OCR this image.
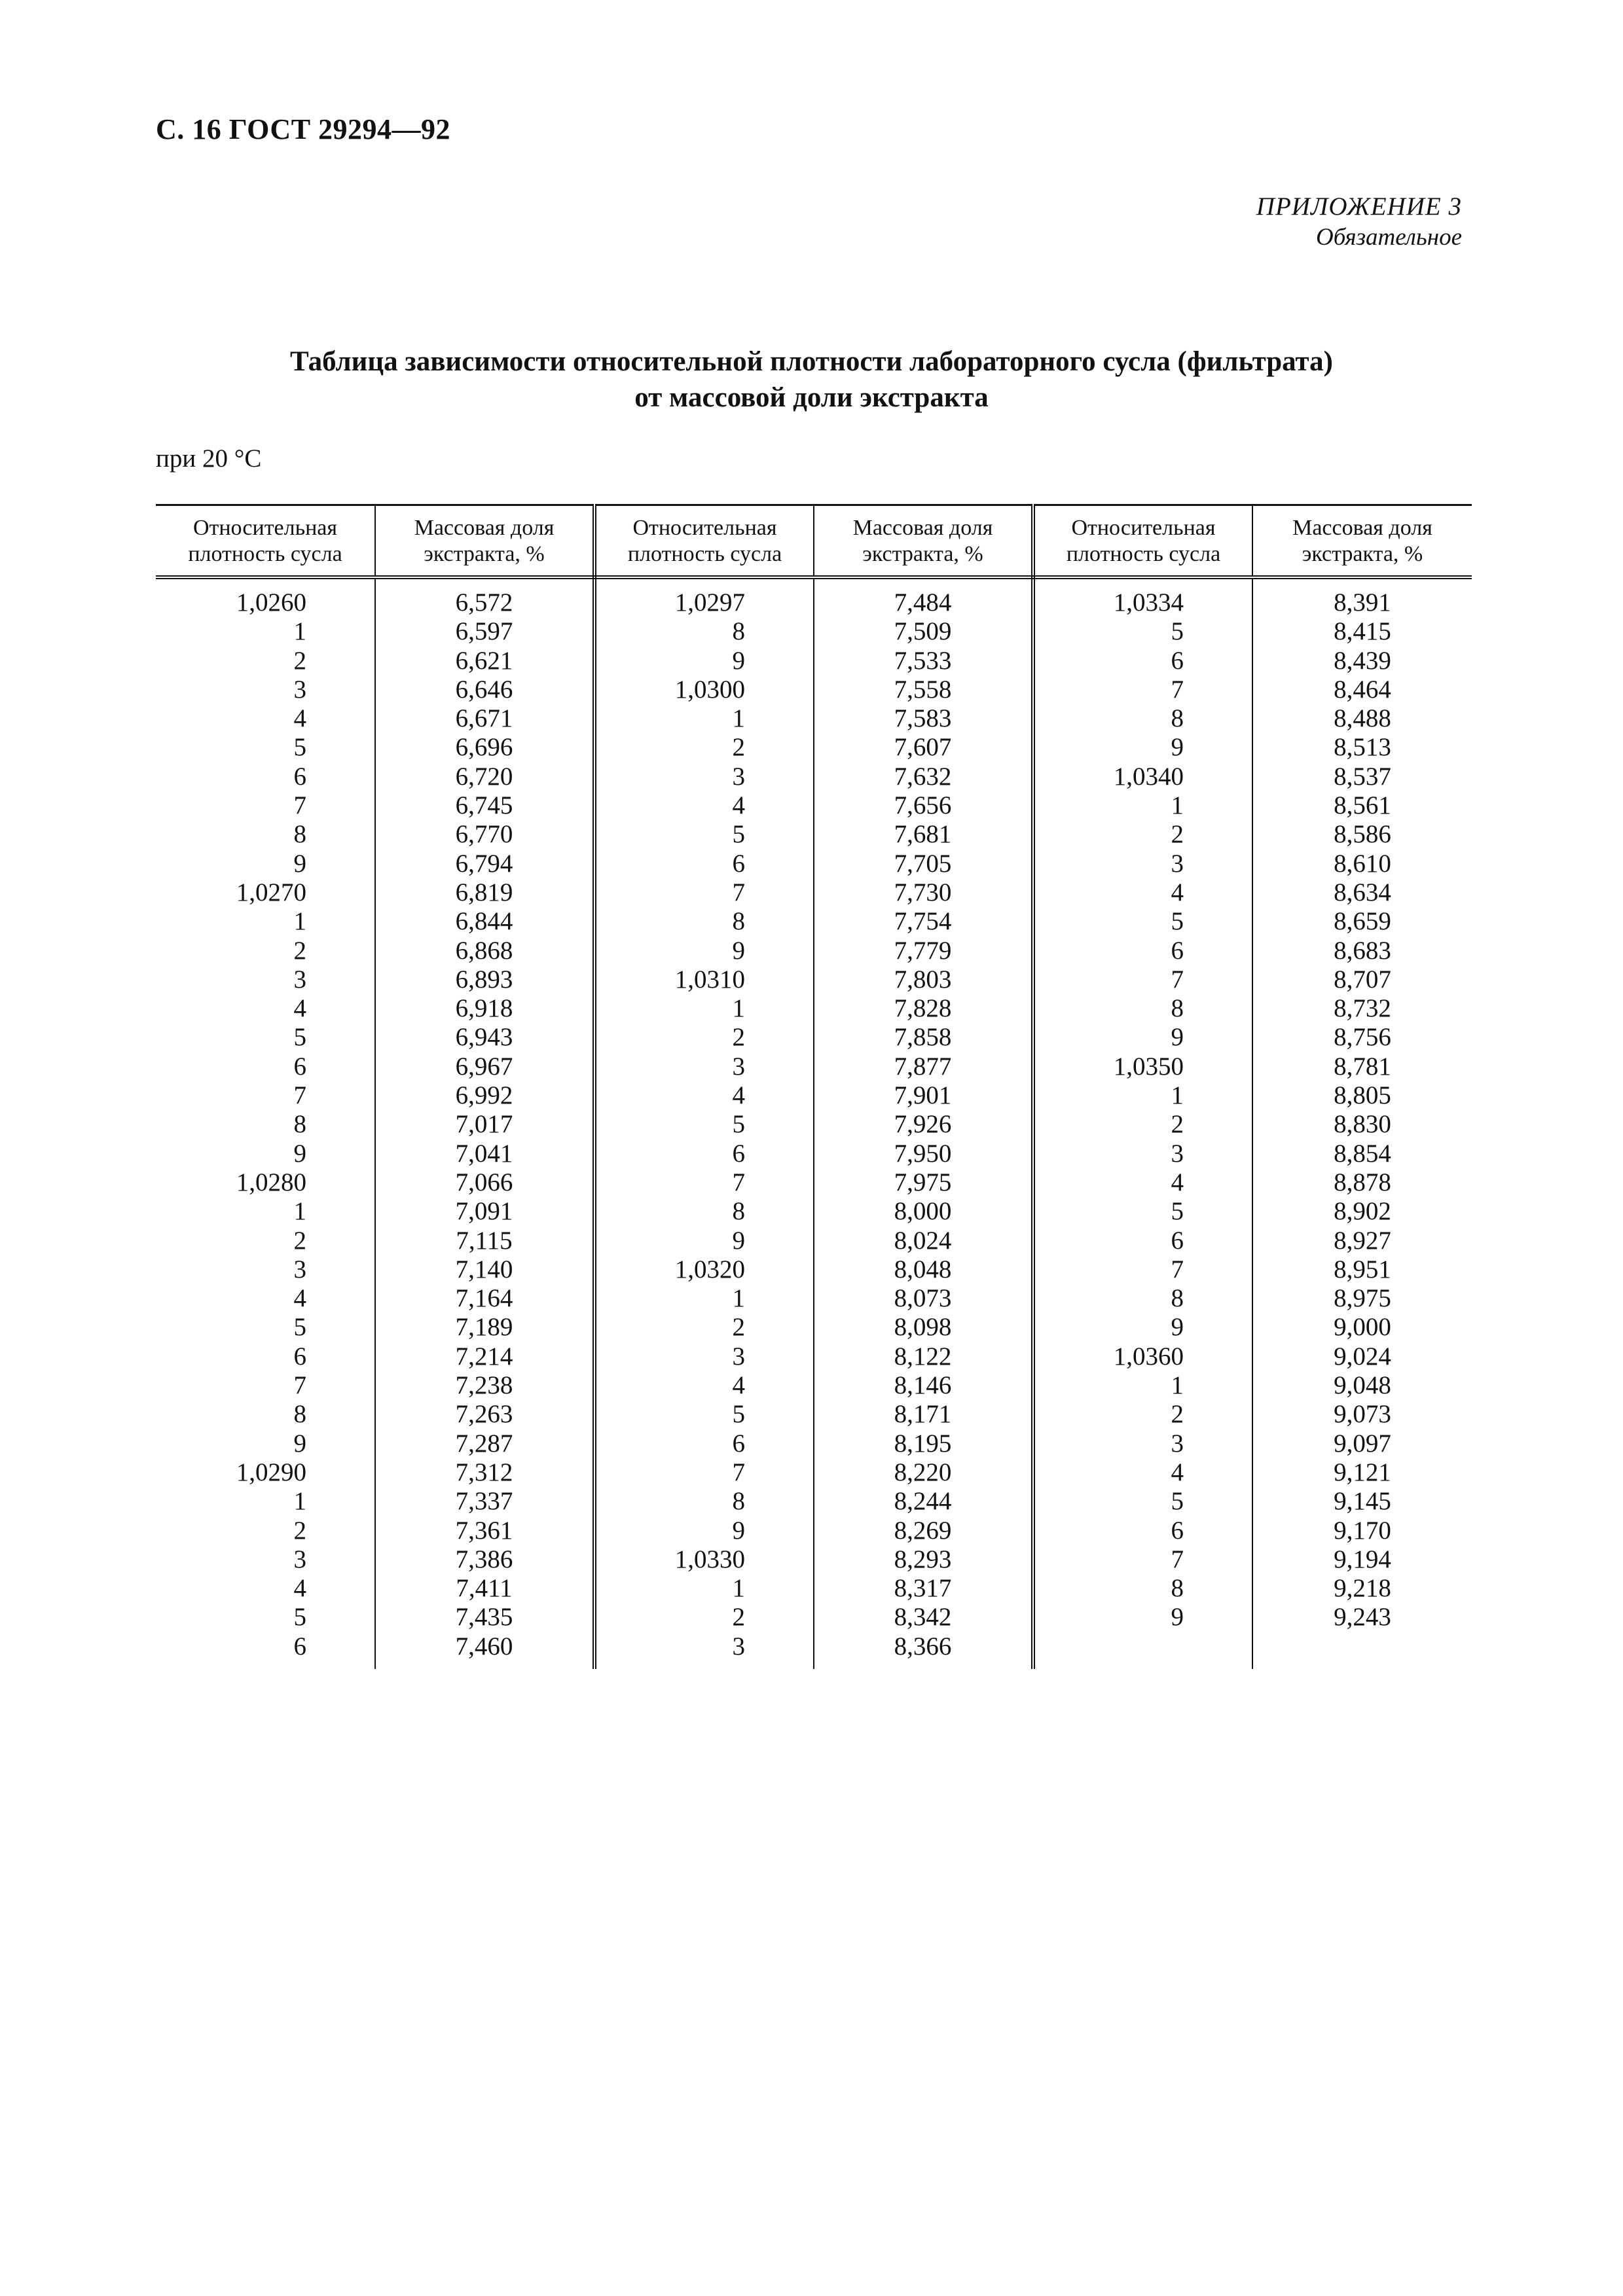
С. 16 ГОСТ 29294—92
ПРИЛОЖЕНИЕ 3
Обязательное
Таблица зависимости относительной плотности лабораторного сусла (фильтрата)
от массовой доли экстракта
при 20 °С
Относительная плотность сусла	Массовая доля экстракта, %	Относительная плотность сусла	Массовая доля экстракта, %	Относительная плотность сусла	Массовая доля экстракта, %
1,0260	6,572	1,0297	7,484	1,0334	8,391
1	6,597	8	7,509	5	8,415
2	6,621	9	7,533	6	8,439
3	6,646	1,0300	7,558	7	8,464
4	6,671	1	7,583	8	8,488
5	6,696	2	7,607	9	8,513
6	6,720	3	7,632	1,0340	8,537
7	6,745	4	7,656	1	8,561
8	6,770	5	7,681	2	8,586
9	6,794	6	7,705	3	8,610
1,0270	6,819	7	7,730	4	8,634
1	6,844	8	7,754	5	8,659
2	6,868	9	7,779	6	8,683
3	6,893	1,0310	7,803	7	8,707
4	6,918	1	7,828	8	8,732
5	6,943	2	7,858	9	8,756
6	6,967	3	7,877	1,0350	8,781
7	6,992	4	7,901	1	8,805
8	7,017	5	7,926	2	8,830
9	7,041	6	7,950	3	8,854
1,0280	7,066	7	7,975	4	8,878
1	7,091	8	8,000	5	8,902
2	7,115	9	8,024	6	8,927
3	7,140	1,0320	8,048	7	8,951
4	7,164	1	8,073	8	8,975
5	7,189	2	8,098	9	9,000
6	7,214	3	8,122	1,0360	9,024
7	7,238	4	8,146	1	9,048
8	7,263	5	8,171	2	9,073
9	7,287	6	8,195	3	9,097
1,0290	7,312	7	8,220	4	9,121
1	7,337	8	8,244	5	9,145
2	7,361	9	8,269	6	9,170
3	7,386	1,0330	8,293	7	9,194
4	7,411	1	8,317	8	9,218
5	7,435	2	8,342	9	9,243
6	7,460	3	8,366		
